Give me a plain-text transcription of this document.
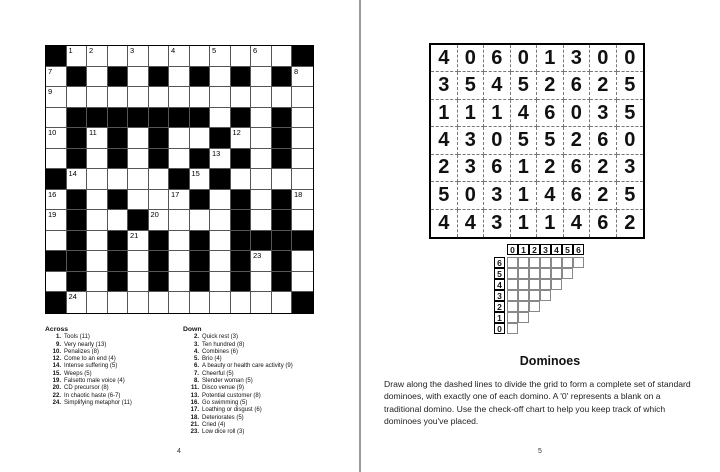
1 2	3	4	5	6
7	8
9
10	11	12
13
14	15
16	17	18
19	20
21
22	23
24
Across
1. Tools (11)
9. Very nearly (13)
10. Penalizes (8)
12. Come to an end (4)
14. Intense suffering (5)
15. Weeps (5)
19. Falsetto male voice (4)
20. CD precursor (8)
22. In chaotic haste (6-7)
24. Simplifying metaphor (11)
Down
2. Quick rest (3)
3. Ten hundred (8)
4. Combines (6)
5. Brio (4)
6. A beauty or health care activity (9)
7. Cheerful (5)
8. Slender woman (5)
11. Disco venue (9)
13. Potential customer (8)
16. Go swimming (5)
17. Loathing or disgust (6)
18. Deteriorates (5)
21. Cried (4)
23. Low dice roll (3)
4
4 0 6 0 1 3 0 0
3 5 4 5 2 6 2 5
1 1 1 4 6 0 3 5
4 3 0 5 5 2 6 0
2 3 6 1 2 6 2 3
5 0 3 1 4 6 2 5
4 4 3 1 1 4 6 2
0 1 2 3 4 5 6
6
5
4
3
2
1
0
Dominoes
Draw along the dashed lines to divide the grid to form a complete set of standard dominoes, with exactly one of each domino. A '0' represents a blank on a traditional domino. Use the check-off chart to help you keep track of which dominoes you've placed.
5
